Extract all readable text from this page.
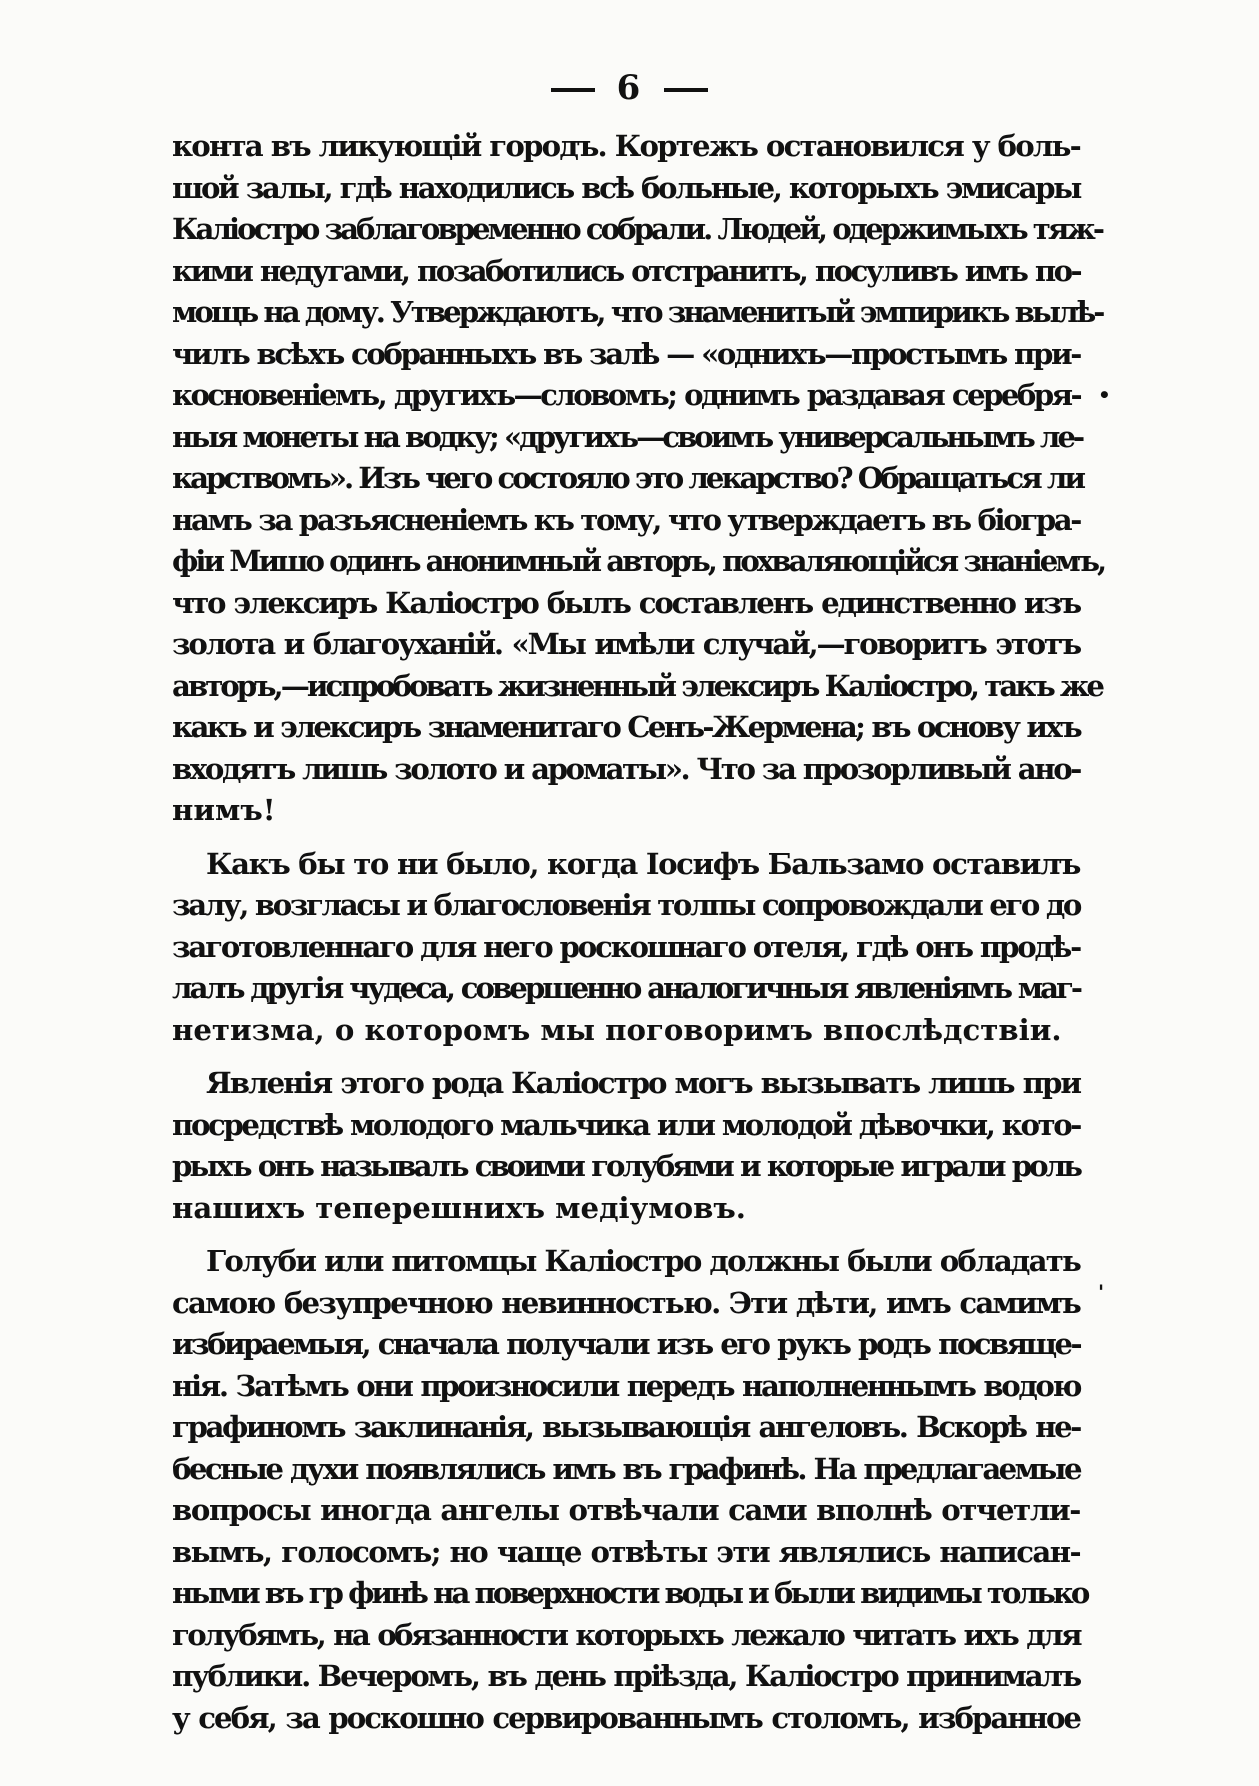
6
конта въ ликующій городъ. Кортежъ остановился у боль-
шой залы, гдѣ находились всѣ больные, которыхъ эмисары
Каліостро заблаговременно собрали. Людей, одержимыхъ тяж-
кими недугами, позаботились отстранить, посуливъ имъ по-
мощь на дому. Утверждаютъ, что знаменитый эмпирикъ вылѣ-
чилъ всѣхъ собранныхъ въ залѣ — «однихъ—простымъ при-
косновеніемъ, другихъ—словомъ; однимъ раздавая серебря-
ныя монеты на водку; «другихъ—своимъ универсальнымъ ле-
карствомъ». Изъ чего состояло это лекарство? Обращаться ли
намъ за разъясненіемъ къ тому, что утверждаетъ въ біогра-
фіи Мишо одинъ анонимный авторъ, похваляющійся знаніемъ,
что элексиръ Каліостро былъ составленъ единственно изъ
золота и благоуханій. «Мы имѣли случай,—говоритъ этотъ
авторъ,—испробовать жизненный элексиръ Каліостро, такъ же
какъ и элексиръ знаменитаго Сенъ-Жермена; въ основу ихъ
входятъ лишь золото и ароматы». Что за прозорливый ано-
нимъ!
Какъ бы то ни было, когда Іосифъ Бальзамо оставилъ
залу, возгласы и благословенія толпы сопровождали его до
заготовленнаго для него роскошнаго отеля, гдѣ онъ продѣ-
лалъ другія чудеса, совершенно аналогичныя явленіямъ маг-
нетизма, о которомъ мы поговоримъ впослѣдствіи.
Явленія этого рода Каліостро могъ вызывать лишь при
посредствѣ молодого мальчика или молодой дѣвочки, кото-
рыхъ онъ называлъ своими голубями и которые играли роль
нашихъ теперешнихъ медіумовъ.
Голуби или питомцы Каліостро должны были обладать
самою безупречною невинностью. Эти дѣти, имъ самимъ
избираемыя, сначала получали изъ его рукъ родъ посвяще-
нія. Затѣмъ они произносили передъ наполненнымъ водою
графиномъ заклинанія, вызывающія ангеловъ. Вскорѣ не-
бесные духи появлялись имъ въ графинѣ. На предлагаемые
вопросы иногда ангелы отвѣчали сами вполнѣ отчетли-
вымъ, голосомъ; но чаще отвѣты эти являлись написан-
ными въ гр финѣ на поверхности воды и были видимы только
голубямъ, на обязанности которыхъ лежало читать ихъ для
публики. Вечеромъ, въ день пріѣзда, Каліостро принималъ
у себя, за роскошно сервированнымъ столомъ, избранное
•
'
